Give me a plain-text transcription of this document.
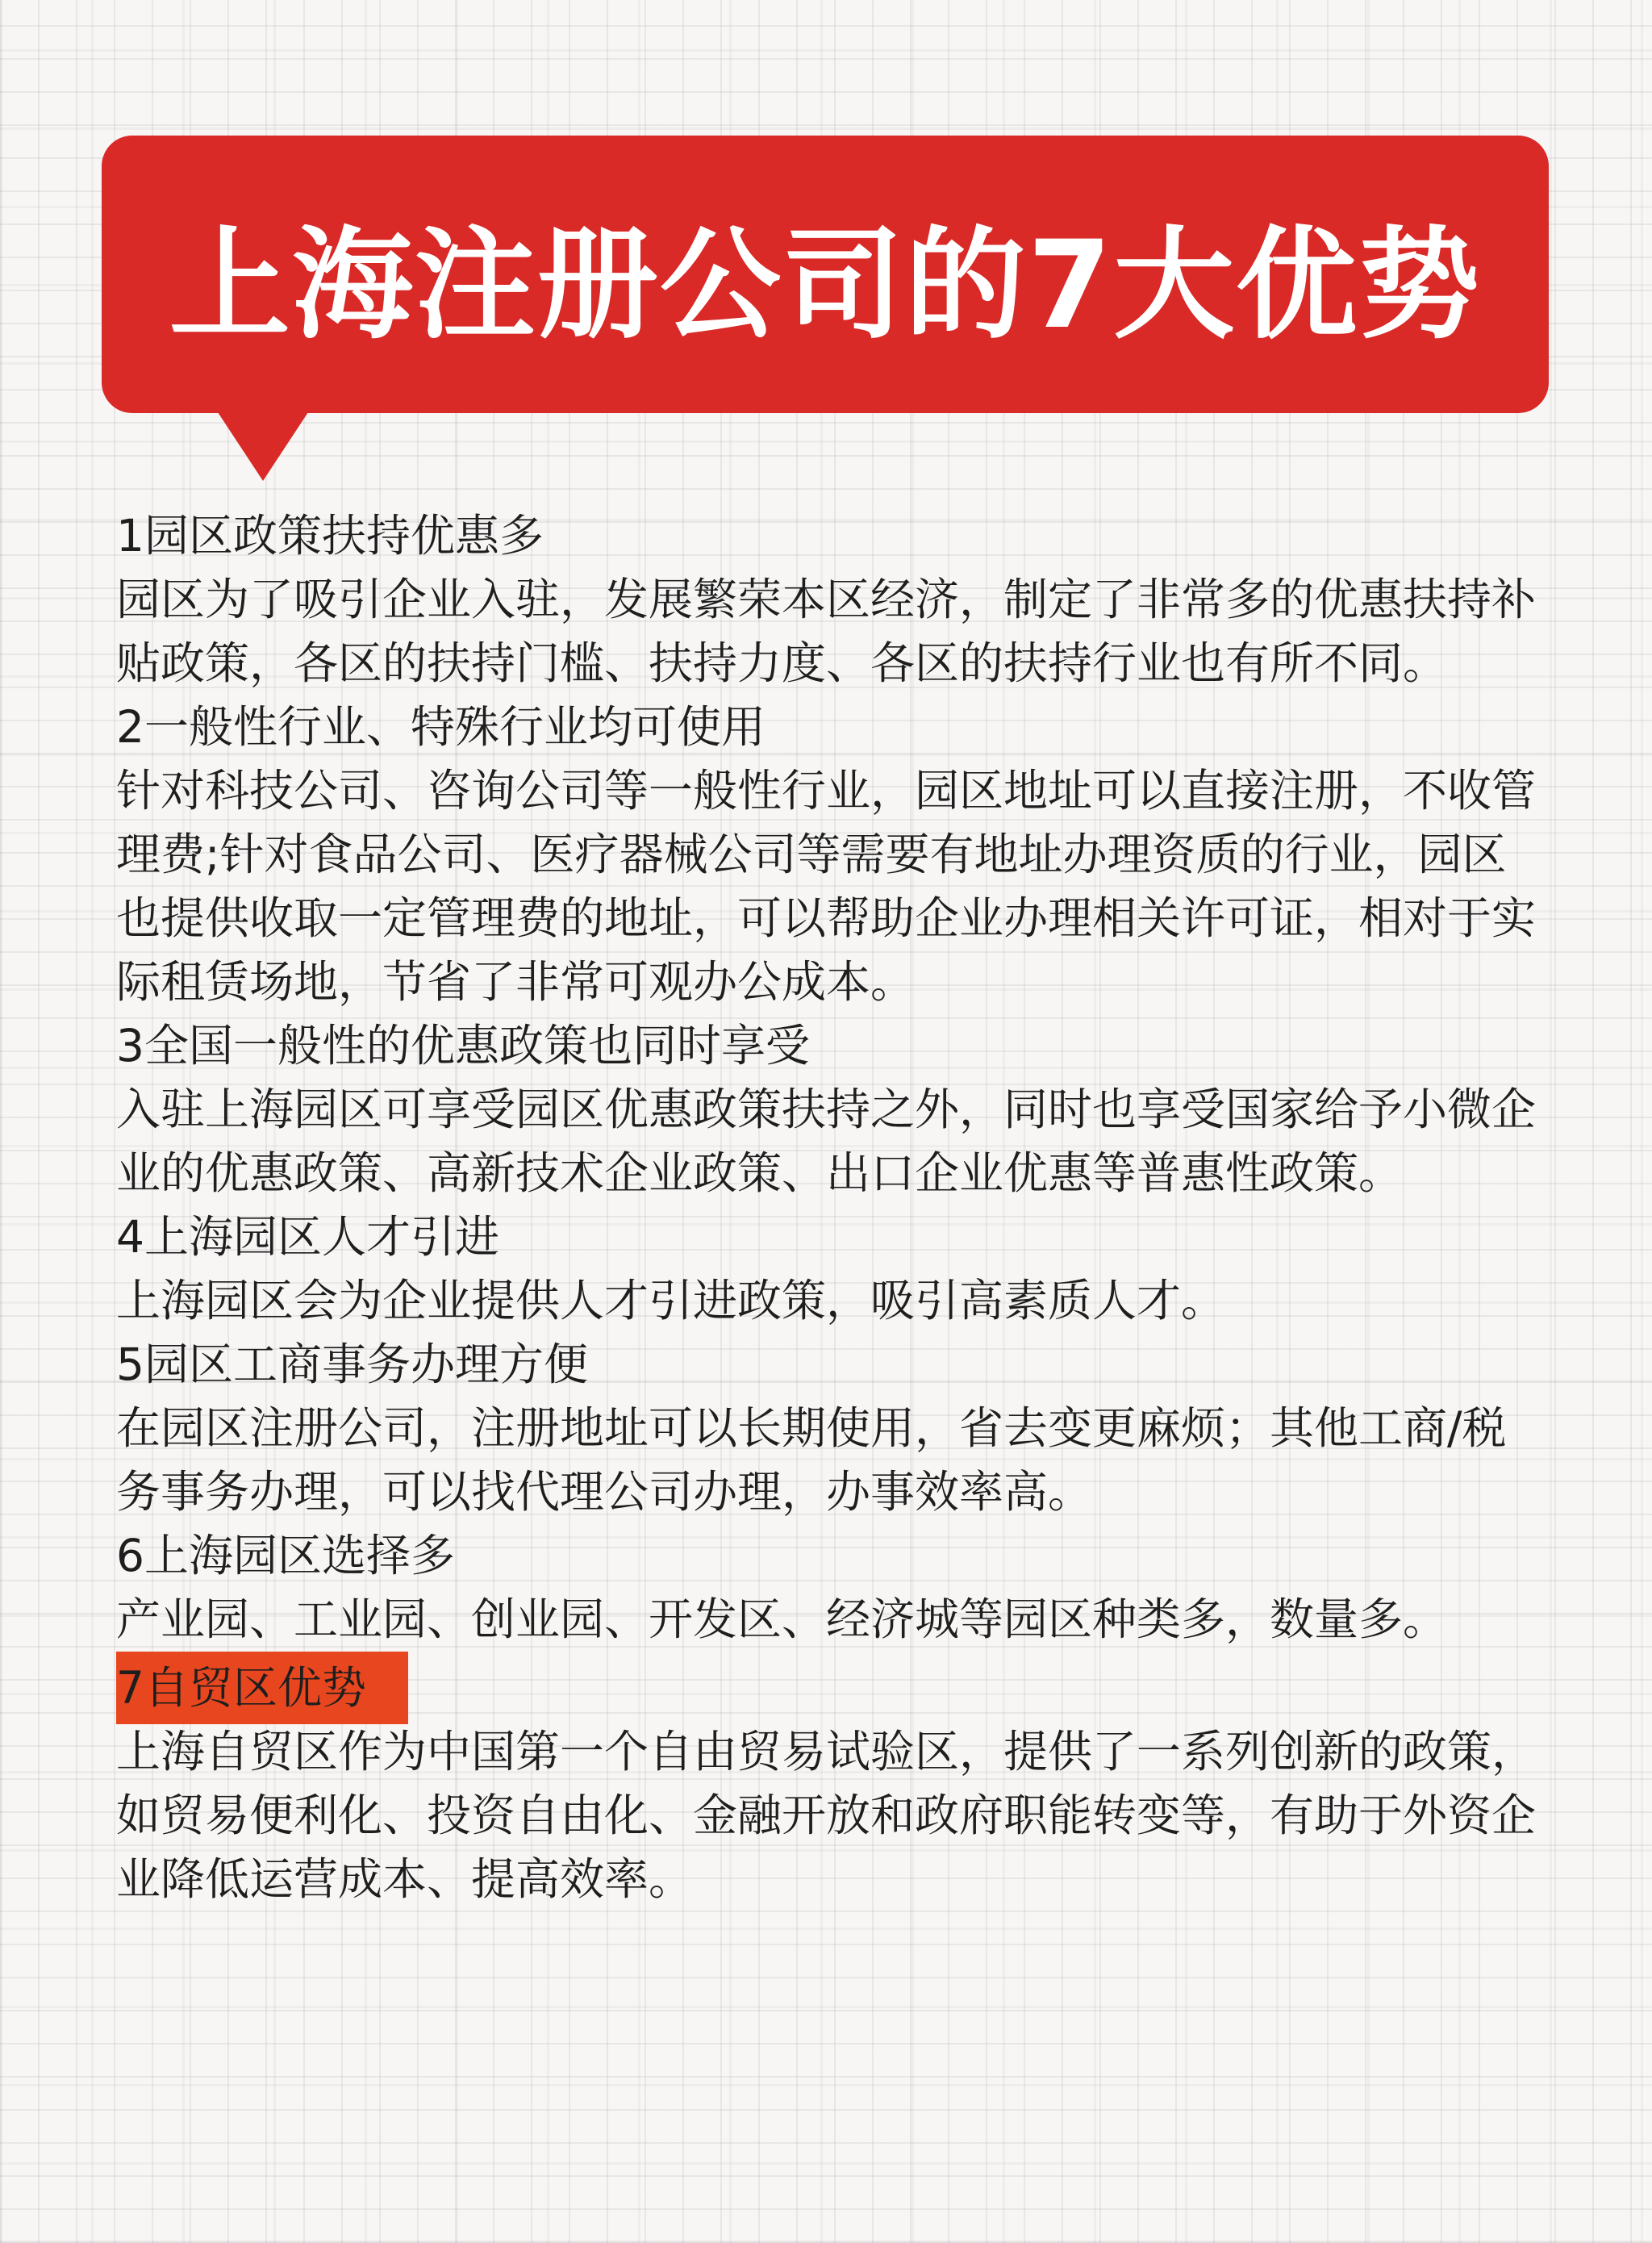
上海注册公司的7大优势

1园区政策扶持优惠多

园区为了吸引企业入驻，发展繁荣本区经济，制定了非常多的优惠扶持补贴政策，各区的扶持门槛、扶持力度、各区的扶持行业也有所不同。

2一般性行业、特殊行业均可使用

针对科技公司、咨询公司等一般性行业，园区地址可以直接注册，不收管理费;针对食品公司、医疗器械公司等需要有地址办理资质的行业，园区也提供收取一定管理费的地址，可以帮助企业办理相关许可证，相对于实际租赁场地，节省了非常可观办公成本。

3全国一般性的优惠政策也同时享受

入驻上海园区可享受园区优惠政策扶持之外，同时也享受国家给予小微企业的优惠政策、高新技术企业政策、出口企业优惠等普惠性政策。

4上海园区人才引进

上海园区会为企业提供人才引进政策，吸引高素质人才。

5园区工商事务办理方便

在园区注册公司，注册地址可以长期使用，省去变更麻烦；其他工商/税务事务办理，可以找代理公司办理，办事效率高。

6上海园区选择多

产业园、工业园、创业园、开发区、经济城等园区种类多，数量多。

7自贸区优势

上海自贸区作为中国第一个自由贸易试验区，提供了一系列创新的政策，如贸易便利化、投资自由化、金融开放和政府职能转变等，有助于外资企业降低运营成本、提高效率。
